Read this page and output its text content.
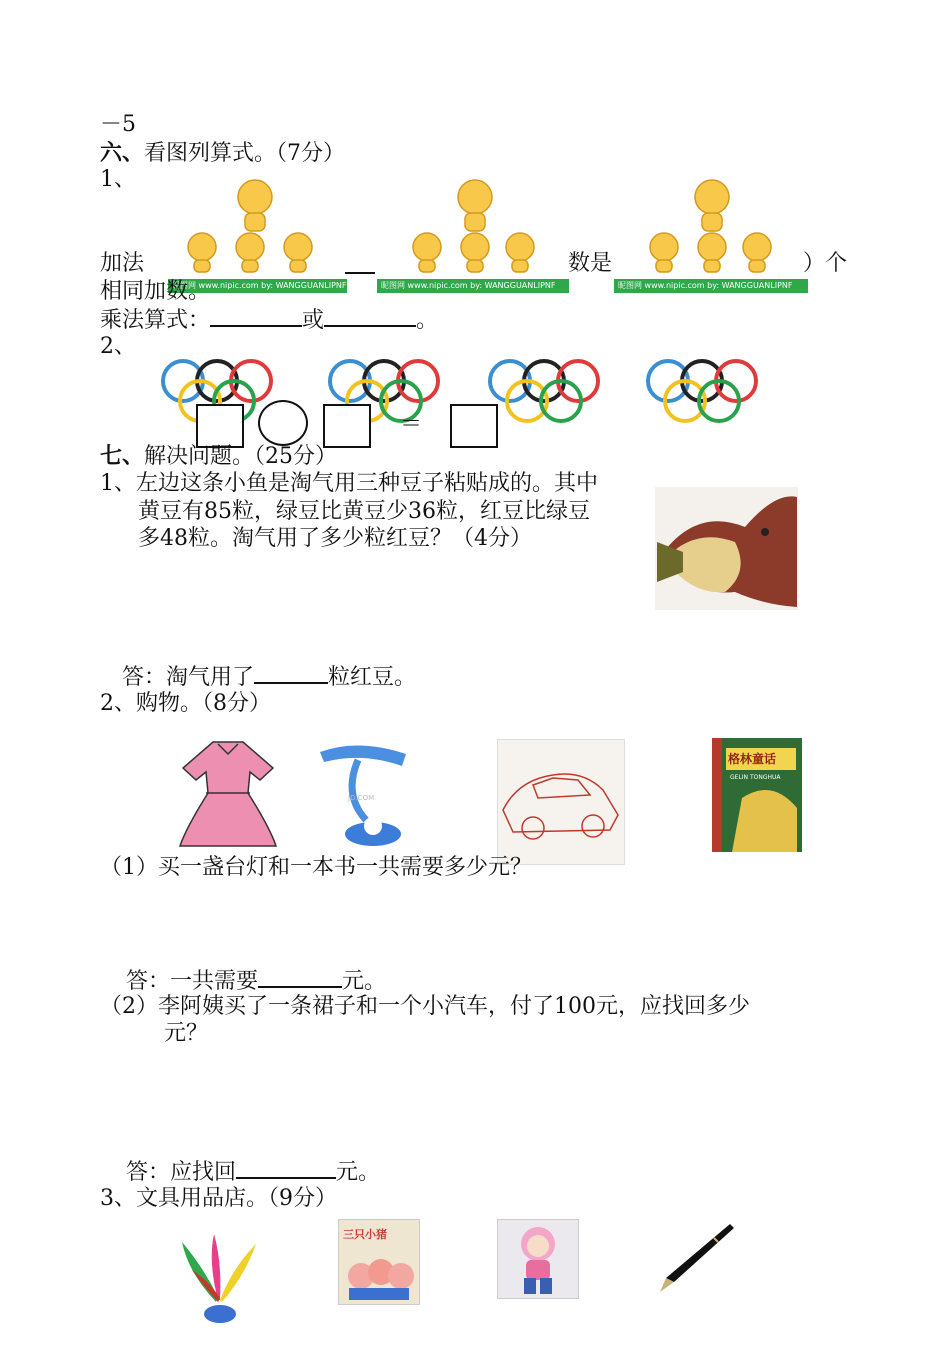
－5
六、看图列算式。（7分）
1、
昵图网 www.nipic.com by: WANGGUANLIPNF	昵图网 www.nipic.com by: WANGGUANLIPNF	昵图网 www.nipic.com by: WANGGUANLIPNF
加法	数是	）个
相同加数。
乘法算式：	或	。
2、
＝
七、解决问题。（25分）
1、左边这条小鱼是淘气用三种豆子粘贴成的。其中
黄豆有85粒，绿豆比黄豆少36粒，红豆比绿豆
多48粒。淘气用了多少粒红豆？（4分）
答：淘气用了	粒红豆。
2、购物。（8分）
JD.COM
格林童话
GELIN TONGHUA
（1）买一盏台灯和一本书一共需要多少元？
答：一共需要	元。
（2）李阿姨买了一条裙子和一个小汽车，付了100元，应找回多少
元？
答：应找回	元。
3、文具用品店。（9分）
三只小猪
